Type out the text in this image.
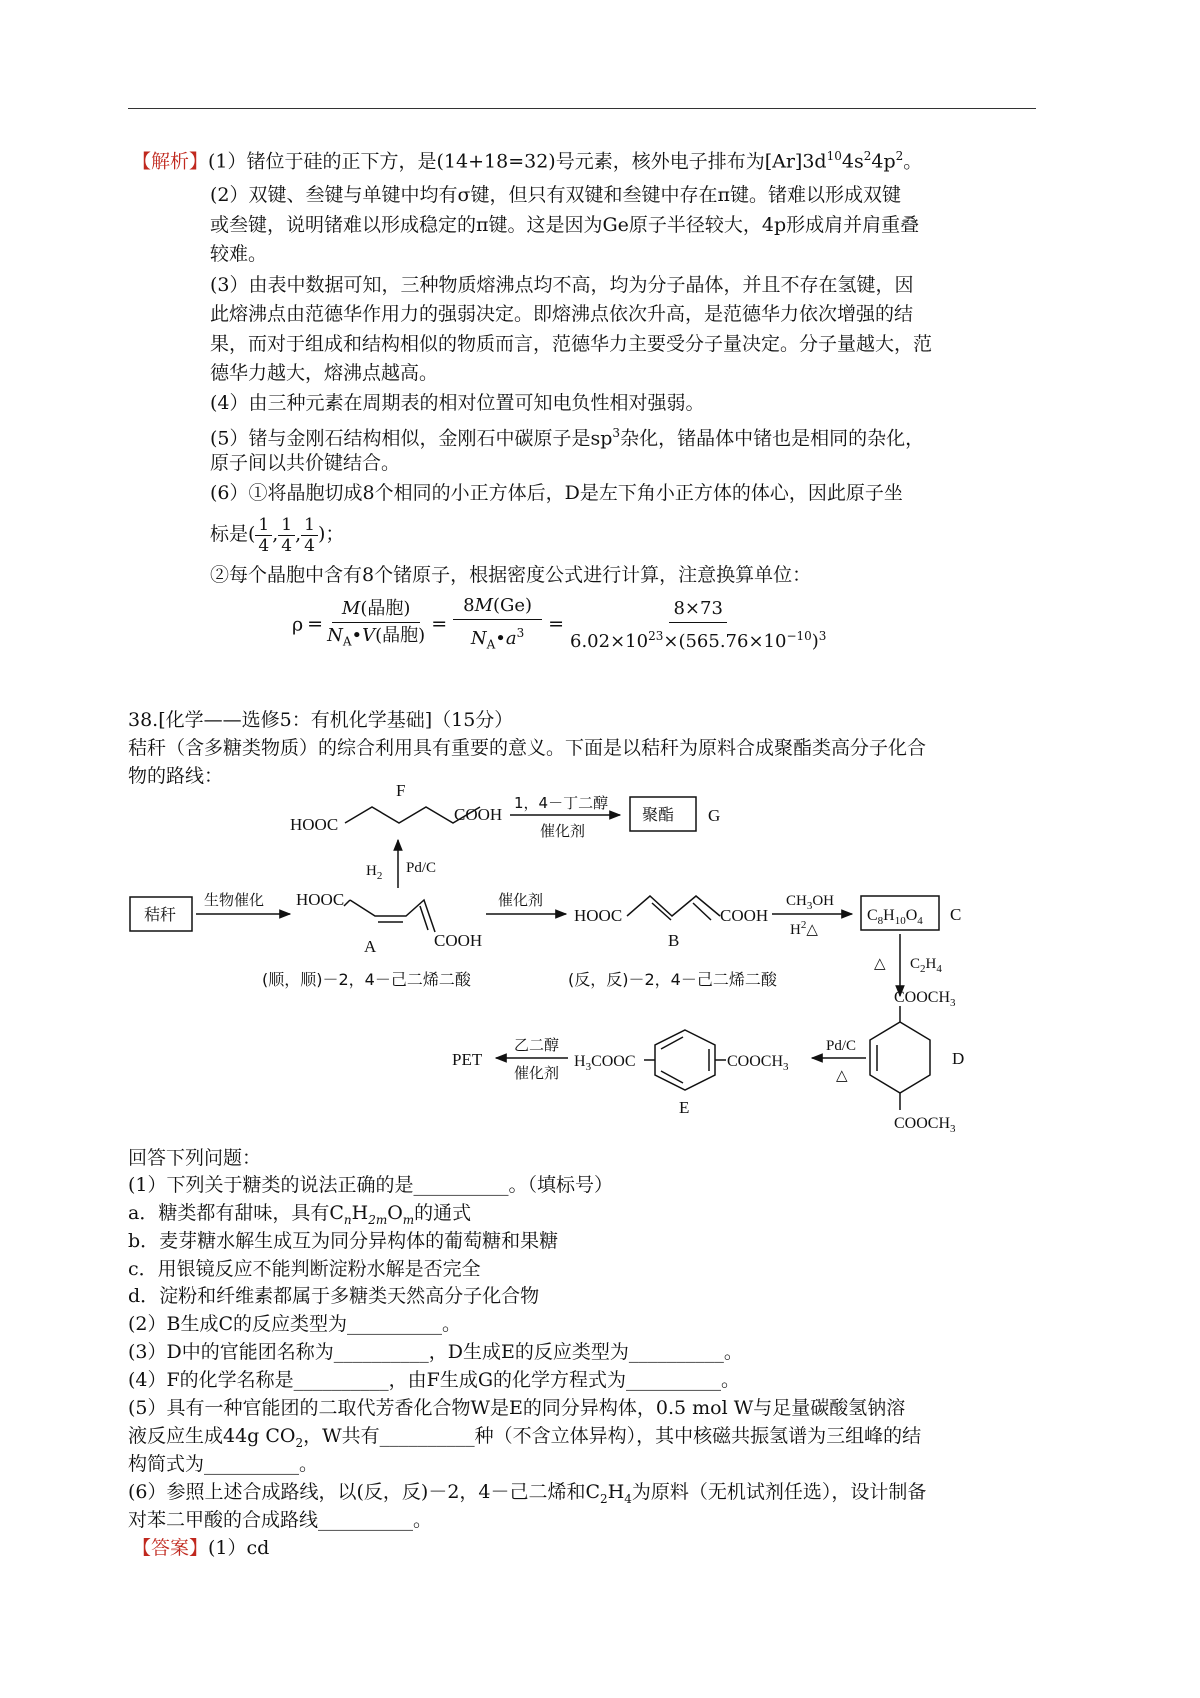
【解析】(1）锗位于硅的正下方，是(14+18=32)号元素，核外电子排布为$[Ar]3d^{10}4s^24p^2$。
(2）双键、叁键与单键中均有σ键，但只有双键和叁键中存在π键。锗难以形成双键
或叁键，说明锗难以形成稳定的π键。这是因为Ge原子半径较大，4p形成肩并肩重叠
较难。
(3）由表中数据可知，三种物质熔沸点均不高，均为分子晶体，并且不存在氢键，因
此熔沸点由范德华作用力的强弱决定。即熔沸点依次升高，是范德华力依次增强的结
果，而对于组成和结构相似的物质而言，范德华力主要受分子量决定。分子量越大，范
德华力越大，熔沸点越高。
(4）由三种元素在周期表的相对位置可知电负性相对强弱。
(5）锗与金刚石结构相似，金刚石中碳原子是$sp^3$杂化，锗晶体中锗也是相同的杂化，
原子间以共价键结合。
(6）①将晶胞切成8个相同的小正方体后，D是左下角小正方体的体心，因此原子坐
标是( $\frac{1}{4}$ , $\frac{1}{4}$ , $\frac{1}{4}$ )；
②每个晶胞中含有8个锗原子，根据密度公式进行计算，注意换算单位：
$\rho = \frac{\text{M(晶胞)}}{N_A•V(晶胞)} = \frac{8M(Ge)}{N_A•a^3} = \frac{8\times 73}{6.02\times 10^{23}\times(565.76\times 10^{-10})^3}$
38.[化学——选修5：有机化学基础]（15分）
秸秆（含多糖类物质）的综合利用具有重要的意义。下面是以秸秆为原料合成聚酯类高分子化合
物的路线：
F
HOOC
COOH
1，4－丁二醇
催化剂
聚酯 G
$H_2$ Pd/C
秸秆
生物催化 HOOC
COOH
A
(顺，顺)－2，4－己二烯二酸
催化剂
HOOC	COOH
B
(反，反)－2，4－己二烯二酸
$CH_3OH$
$H^2\triangle$
$C_8H_{10}O_4$ C
△ $C_2H_4$
$COOCH_3$
D
$COOCH_3$
Pd/C
△
$H_3COOC$	$COOCH_3$
E
乙二醇
催化剂
PET
回答下列问题：
(1）下列关于糖类的说法正确的是__________。（填标号）
a．糖类都有甜味，具有$C_nH_{2m}O_m$的通式
b．麦芽糖水解生成互为同分异构体的葡萄糖和果糖
c．用银镜反应不能判断淀粉水解是否完全
d．淀粉和纤维素都属于多糖类天然高分子化合物
(2）B生成C的反应类型为__________。
(3）D中的官能团名称为__________，D生成E的反应类型为__________。
(4）F的化学名称是__________，由F生成G的化学方程式为__________。
(5）具有一种官能团的二取代芳香化合物W是E的同分异构体，0.5 mol W与足量碳酸氢钠溶
液反应生成44g $CO_2$，W共有__________种（不含立体异构），其中核磁共振氢谱为三组峰的结
构简式为__________。
(6）参照上述合成路线，以(反，反)－2，4－己二烯和$C_2H_4$为原料（无机试剂任选），设计制备
对苯二甲酸的合成路线__________。
【答案】(1）cd
